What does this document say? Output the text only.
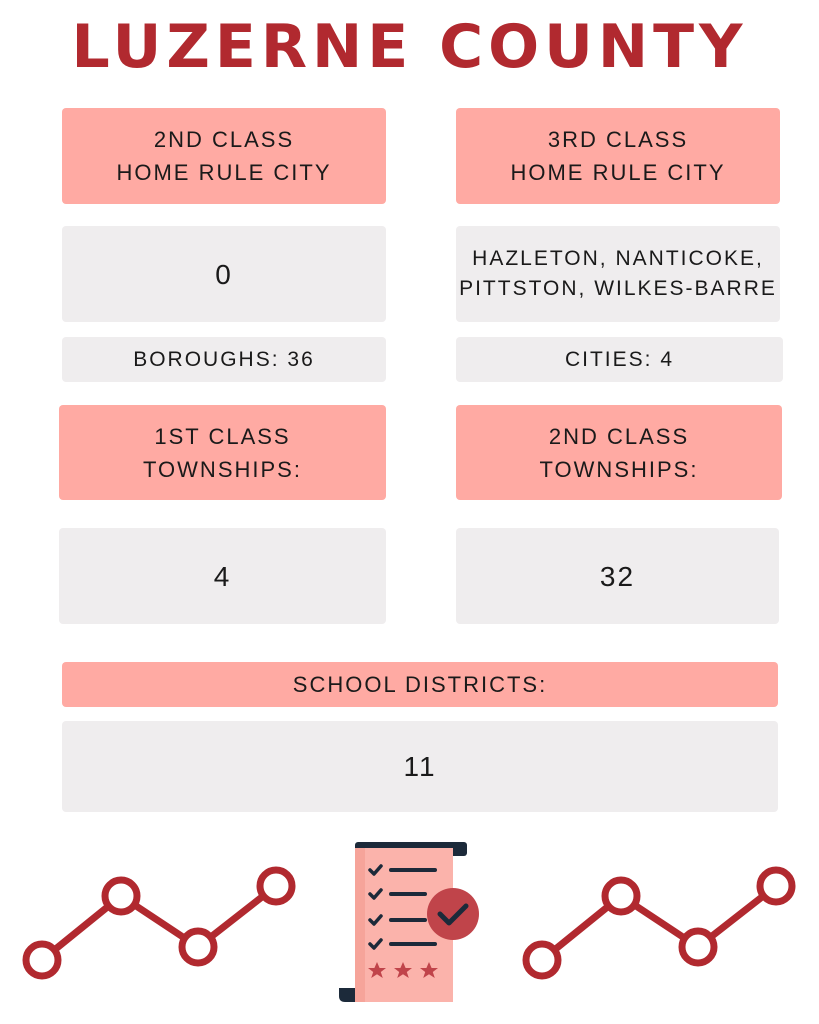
LUZERNE COUNTY
2ND CLASS
HOME RULE CITY
0
3RD CLASS
HOME RULE CITY
HAZLETON, NANTICOKE,
PITTSTON, WILKES-BARRE
BOROUGHS: 36	CITIES: 4
1ST CLASS
TOWNSHIPS:
2ND CLASS
TOWNSHIPS:
4	32
SCHOOL DISTRICTS:
11
